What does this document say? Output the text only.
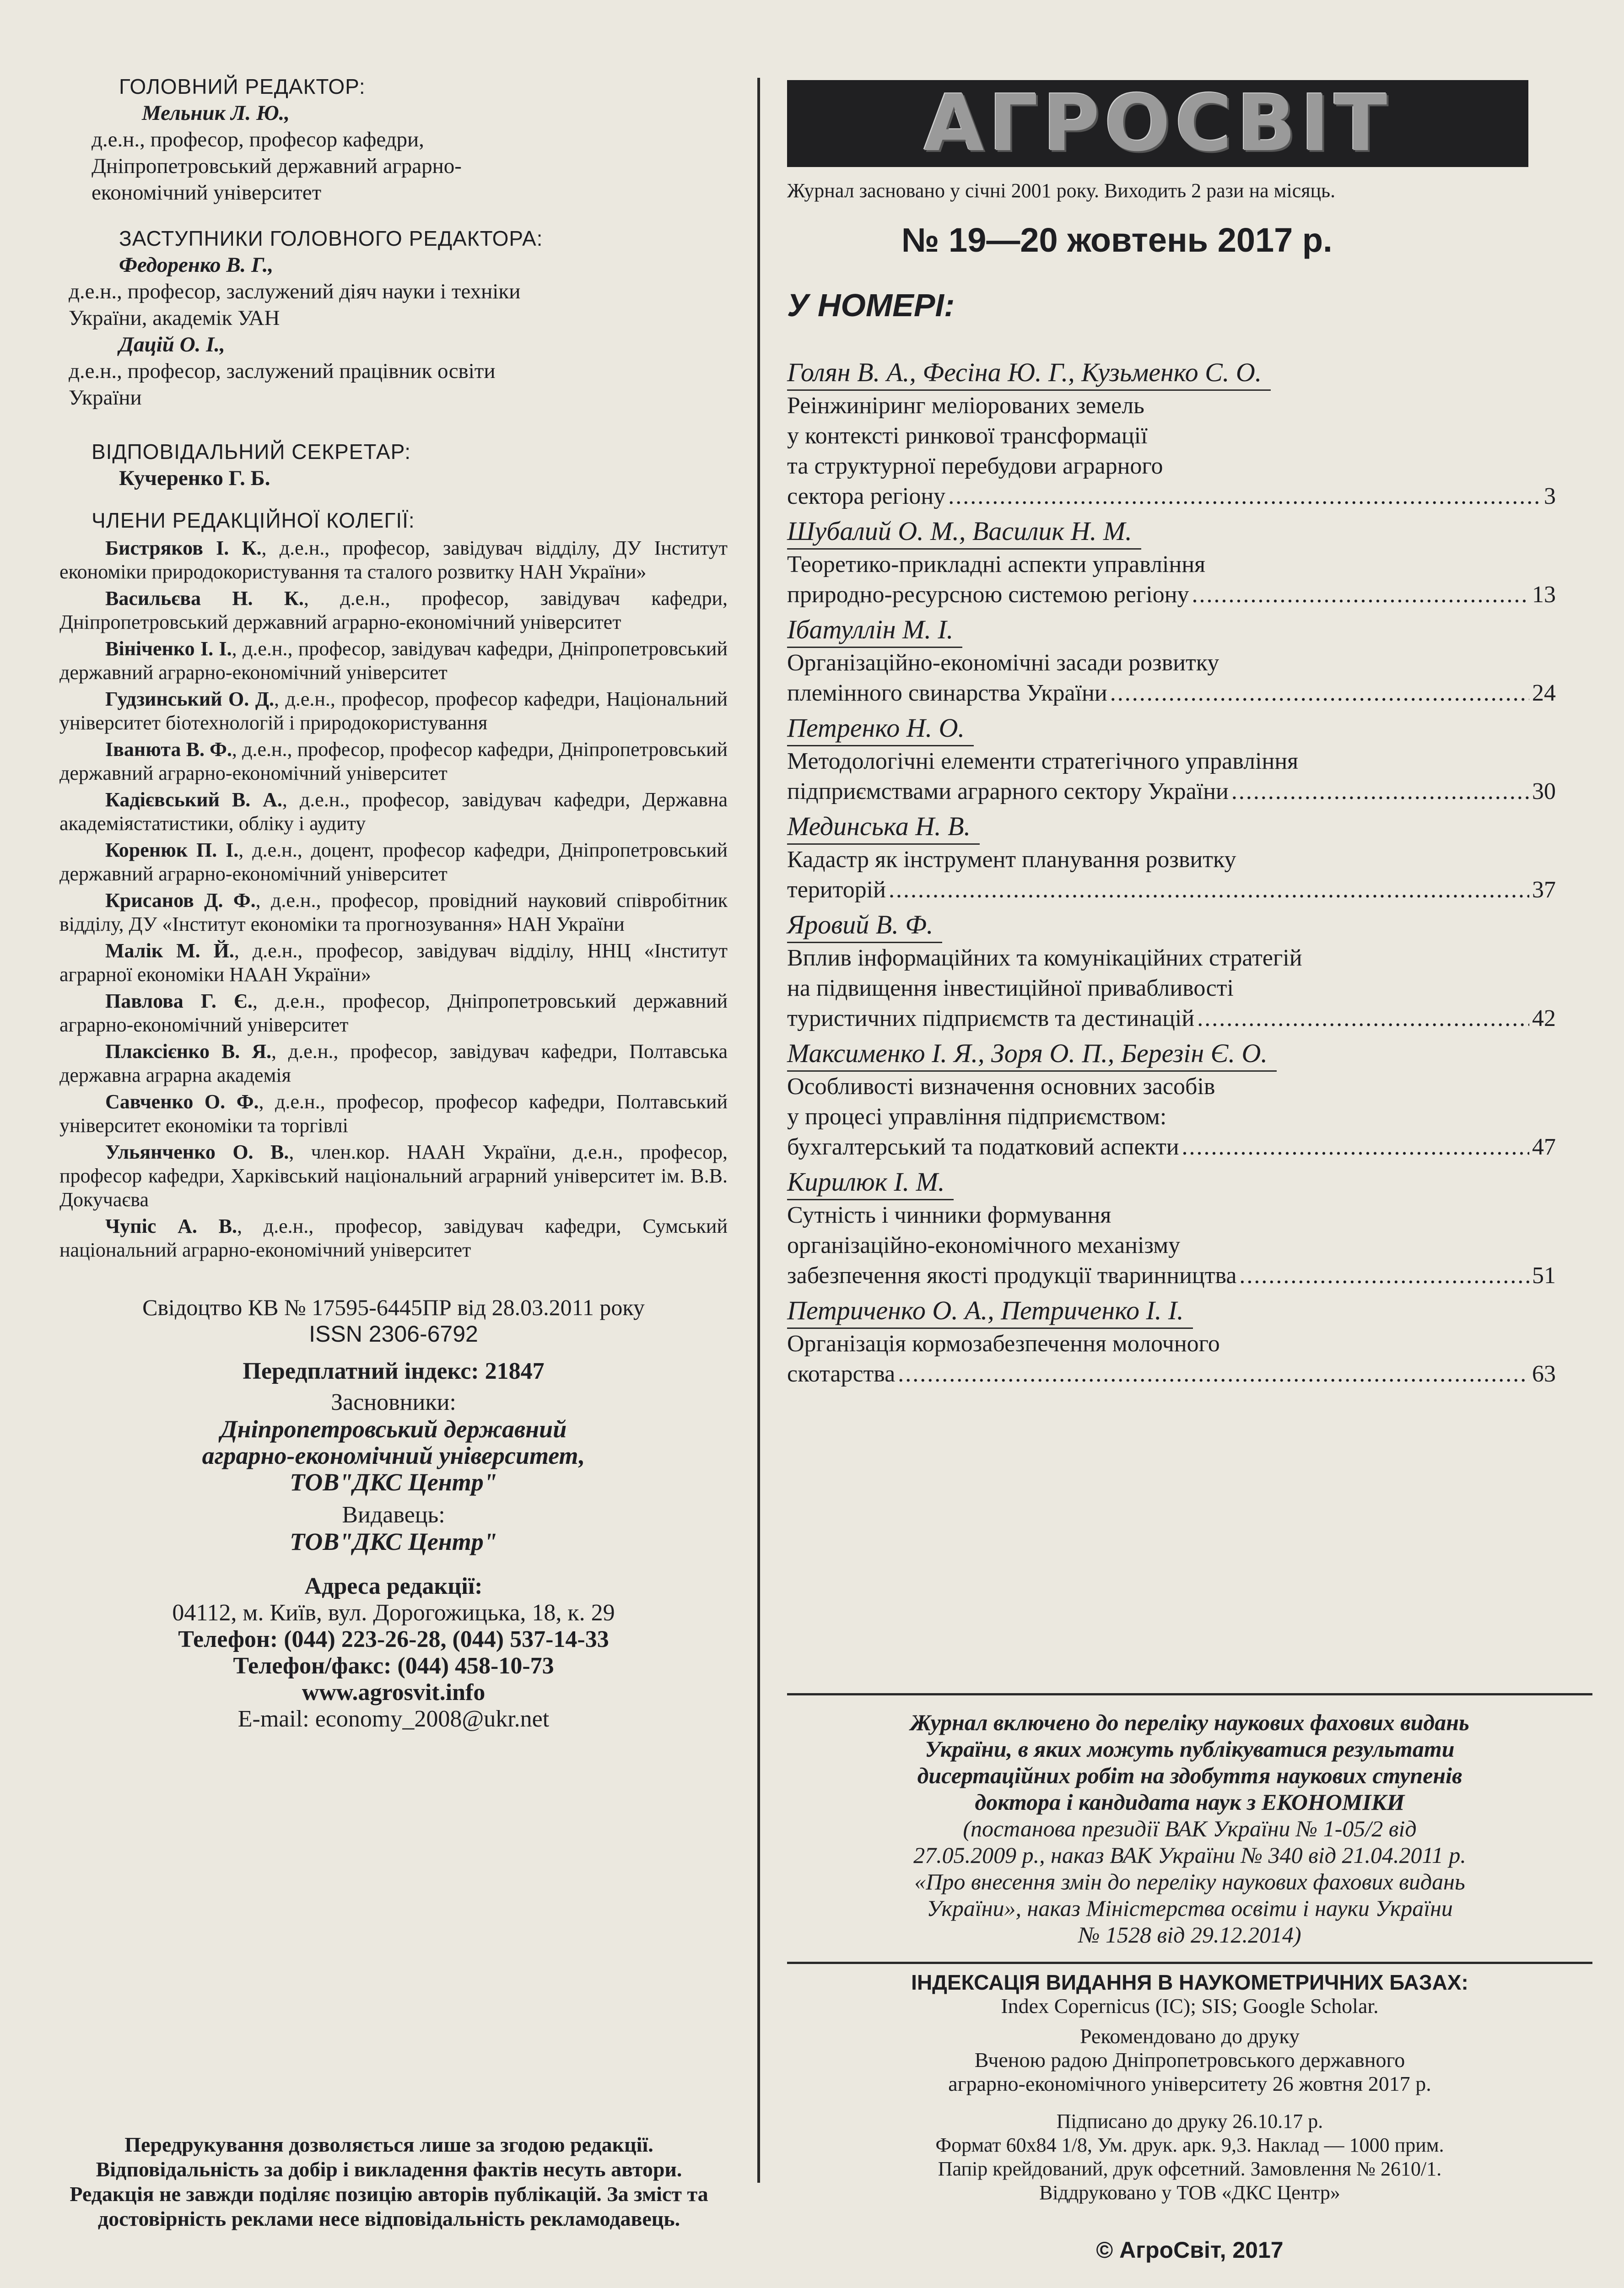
ГОЛОВНИЙ РЕДАКТОР:
Мельник Л. Ю.,
д.е.н., професор, професор кафедри,
Дніпропетровський державний аграрно-
економічний університет
ЗАСТУПНИКИ ГОЛОВНОГО РЕДАКТОРА:
Федоренко В. Г.,
д.е.н., професор, заслужений діяч науки і техніки
України, академік УАН
Дацій О. І.,
д.е.н., професор, заслужений працівник освіти
України
ВІДПОВІДАЛЬНИЙ СЕКРЕТАР:
Кучеренко Г. Б.
ЧЛЕНИ РЕДАКЦІЙНОЇ КОЛЕГІЇ:
Бистряков І. К., д.е.н., професор, завідувач відділу, ДУ Інститут економіки природокористування та сталого розвитку НАН України»
Васильєва Н. К., д.е.н., професор, завідувач кафедри, Дніпропетровський державний аграрно-економічний університет
Вініченко І. І., д.е.н., професор, завідувач кафедри, Дніпропетровський державний аграрно-економічний університет
Гудзинський О. Д., д.е.н., професор, професор кафедри, Національний університет біотехнологій і природокористування
Іванюта В. Ф., д.е.н., професор, професор кафедри, Дніпропетровський державний аграрно-економічний університет
Кадієвський В. А., д.е.н., професор, завідувач кафедри, Державна академіястатистики, обліку і аудиту
Коренюк П. І., д.е.н., доцент, професор кафедри, Дніпропетровський державний аграрно-економічний університет
Крисанов Д. Ф., д.е.н., професор, провідний науковий співробітник відділу, ДУ «Інститут економіки та прогнозування» НАН України
Малік М. Й., д.е.н., професор, завідувач відділу, ННЦ «Інститут аграрної економіки НААН України»
Павлова Г. Є., д.е.н., професор, Дніпропетровський державний аграрно-економічний університет
Плаксієнко В. Я., д.е.н., професор, завідувач кафедри, Полтавська державна аграрна академія
Савченко О. Ф., д.е.н., професор, професор кафедри, Полтавський університет економіки та торгівлі
Ульянченко О. В., член.кор. НААН України, д.е.н., професор, професор кафедри, Харківський національний аграрний університет ім. В.В. Докучаєва
Чупіс А. В., д.е.н., професор, завідувач кафедри, Сумський національний аграрно-економічний університет
Свідоцтво КВ № 17595-6445ПР від 28.03.2011 року
ISSN 2306-6792
Передплатний індекс: 21847
Засновники:
Дніпропетровський державний
аграрно-економічний університет,
ТОВ"ДКС Центр"
Видавець:
ТОВ"ДКС Центр"
Адреса редакції:
04112, м. Київ, вул. Дорогожицька, 18, к. 29
Телефон: (044) 223-26-28, (044) 537-14-33
Телефон/факс: (044) 458-10-73
www.agrosvit.info
E-mail: economy_2008@ukr.net
Передрукування дозволяється лише за згодою редакції. Відповідальність за добір і викладення фактів несуть автори. Редакція не завжди поділяє позицію авторів публікацій. За зміст та достовірність реклами несе відповідальність рекламодавець.
АГРОСВІТ
Журнал засновано у січні 2001 року. Виходить 2 рази на місяць.
№ 19—20 жовтень 2017 р.
У НОМЕРІ:
Голян В. А., Фесіна Ю. Г., Кузьменко С. О.
Реінжиніринг меліорованих земель
у контексті ринкової трансформації
та структурної перебудови аграрного
сектора регіону .....	3
Шубалий О. М., Василик Н. М.
Теоретико-прикладні аспекти управління
природно-ресурсною системою регіону .....	13
Ібатуллін М. І.
Організаційно-економічні засади розвитку
племінного свинарства України .....	24
Петренко Н. О.
Методологічні елементи стратегічного управління
підприємствами аграрного сектору України .....	30
Мединська Н. В.
Кадастр як інструмент планування розвитку
територій .....	37
Яровий В. Ф.
Вплив інформаційних та комунікаційних стратегій
на підвищення інвестиційної привабливості
туристичних підприємств та дестинацій .....	42
Максименко І. Я., Зоря О. П., Березін Є. О.
Особливості визначення основних засобів
у процесі управління підприємством:
бухгалтерський та податковий аспекти .....	47
Кирилюк І. М.
Сутність і чинники формування
організаційно-економічного механізму
забезпечення якості продукції тваринництва .....	51
Петриченко О. А., Петриченко І. І.
Організація кормозабезпечення молочного
скотарства .....	63
Журнал включено до переліку наукових фахових видань
України, в яких можуть публікуватися результати
дисертаційних робіт на здобуття наукових ступенів
доктора і кандидата наук з ЕКОНОМІКИ
(постанова президії ВАК України № 1-05/2 від
27.05.2009 р., наказ ВАК України № 340 від 21.04.2011 р.
«Про внесення змін до переліку наукових фахових видань
України», наказ Міністерства освіти і науки України
№ 1528 від 29.12.2014)
ІНДЕКСАЦІЯ ВИДАННЯ В НАУКОМЕТРИЧНИХ БАЗАХ:
Index Copernicus (IC); SIS; Google Scholar.
Рекомендовано до друку
Вченою радою Дніпропетровського державного
аграрно-економічного університету 26 жовтня 2017 р.
Підписано до друку 26.10.17 р.
Формат 60х84 1/8, Ум. друк. арк. 9,3. Наклад — 1000 прим.
Папір крейдований, друк офсетний. Замовлення № 2610/1.
Віддруковано у ТОВ «ДКС Центр»
© АгроСвіт, 2017
